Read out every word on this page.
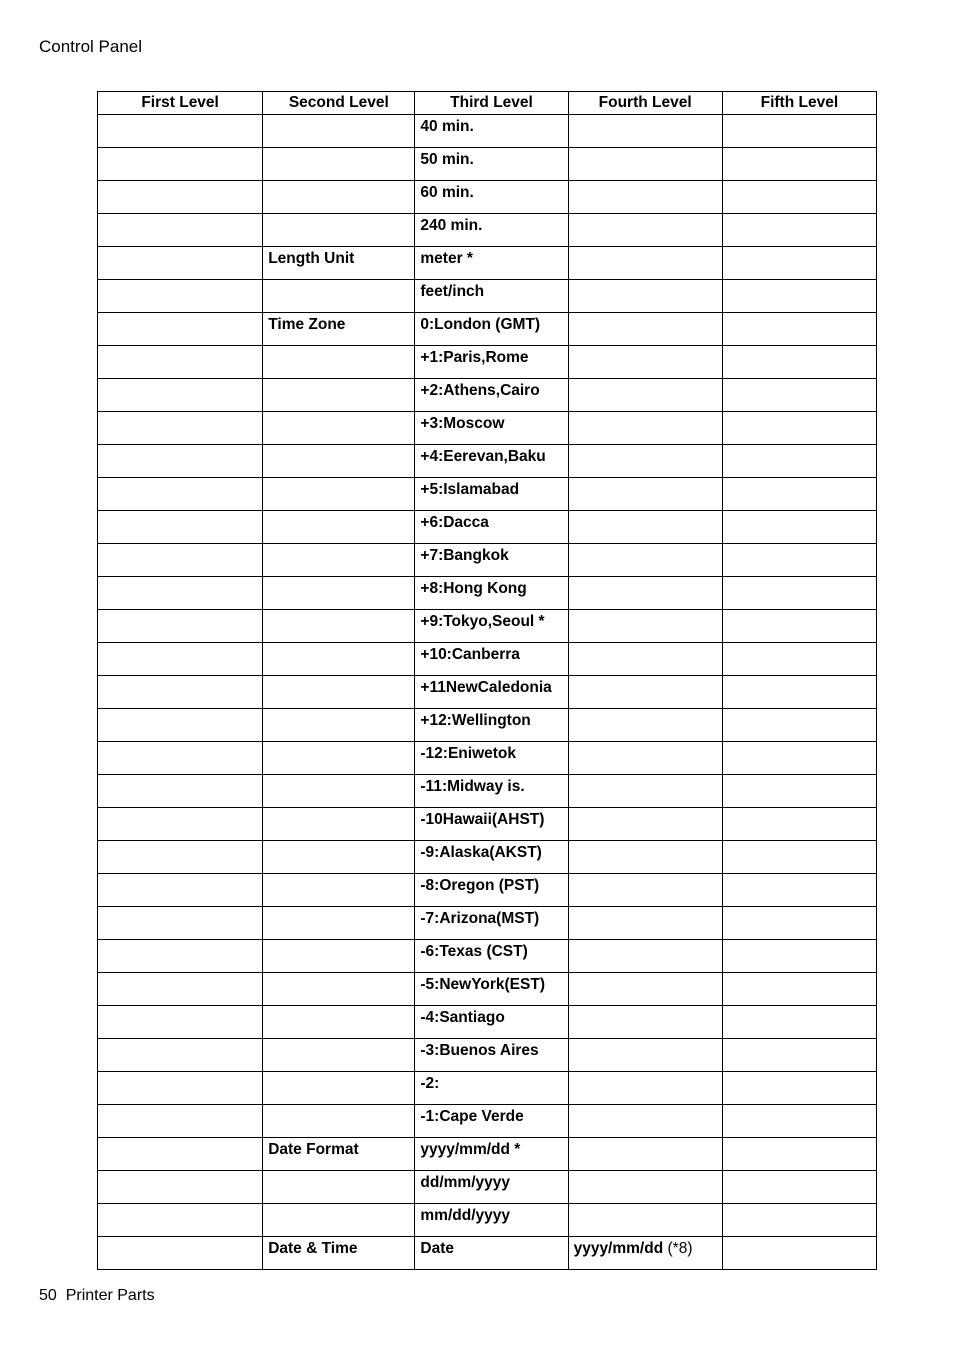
Control Panel
First Level	Second Level	Third Level	Fourth Level	Fifth Level
		40 min.		
		50 min.		
		60 min.		
		240 min.		
	Length Unit	meter *		
		feet/inch		
	Time Zone	0:London (GMT)		
		+1:Paris,Rome		
		+2:Athens,Cairo		
		+3:Moscow		
		+4:Eerevan,Baku		
		+5:Islamabad		
		+6:Dacca		
		+7:Bangkok		
		+8:Hong Kong		
		+9:Tokyo,Seoul *		
		+10:Canberra		
		+11NewCaledonia		
		+12:Wellington		
		-12:Eniwetok		
		-11:Midway is.		
		-10Hawaii(AHST)		
		-9:Alaska(AKST)		
		-8:Oregon (PST)		
		-7:Arizona(MST)		
		-6:Texas (CST)		
		-5:NewYork(EST)		
		-4:Santiago		
		-3:Buenos Aires		
		-2:		
		-1:Cape Verde		
	Date Format	yyyy/mm/dd *		
		dd/mm/yyyy		
		mm/dd/yyyy		
	Date & Time	Date	yyyy/mm/dd (*8)	
50 Printer Parts
